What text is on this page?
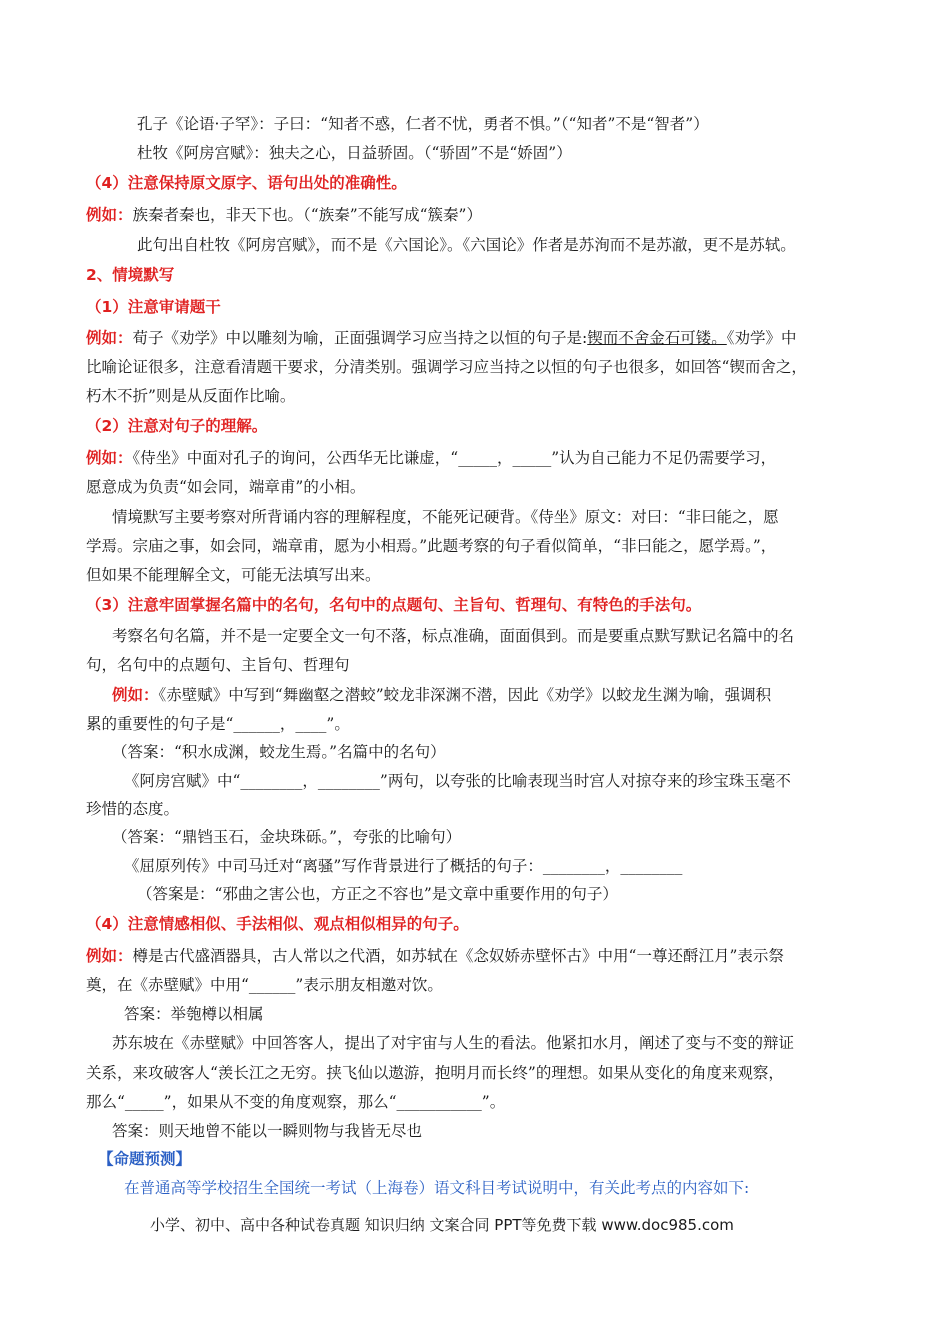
孔子《论语·子罕》：子曰：“知者不惑，仁者不忧，勇者不惧。”（“知者”不是“智者”）
杜牧《阿房宫赋》：独夫之心，日益骄固。（“骄固”不是“娇固”）
（4）注意保持原文原字、语句出处的准确性。
例如：族秦者秦也，非天下也。（“族秦”不能写成“簇秦”）
此句出自杜牧《阿房宫赋》，而不是《六国论》。《六国论》作者是苏洵而不是苏澈，更不是苏轼。
2、情境默写
（1）注意审请题干
例如：荀子《劝学》中以雕刻为喻，正面强调学习应当持之以恒的句子是:锲而不舍金石可镂。《劝学》中
比喻论证很多，注意看清题干要求，分清类别。强调学习应当持之以恒的句子也很多，如回答“锲而舍之，
朽木不折”则是从反面作比喻。
（2）注意对句子的理解。
例如：《侍坐》中面对孔子的询问，公西华无比谦虚，“_____，_____”认为自己能力不足仍需要学习，
愿意成为负责“如会同，端章甫”的小相。
情境默写主要考察对所背诵内容的理解程度，不能死记硬背。《侍坐》原文：对曰：“非曰能之，愿
学焉。宗庙之事，如会同，端章甫，愿为小相焉。”此题考察的句子看似简单，“非曰能之，愿学焉。”，
但如果不能理解全文，可能无法填写出来。
（3）注意牢固掌握名篇中的名句，名句中的点题句、主旨句、哲理句、有特色的手法句。
考察名句名篇，并不是一定要全文一句不落，标点准确，面面俱到。而是要重点默写默记名篇中的名
句，名句中的点题句、主旨句、哲理句
例如：《赤壁赋》中写到“舞幽壑之潜蛟”蛟龙非深渊不潜，因此《劝学》以蛟龙生渊为喻，强调积
累的重要性的句子是“______，____”。
（答案：“积水成渊，蛟龙生焉。”名篇中的名句）
《阿房宫赋》中“________，________”两句，以夸张的比喻表现当时宫人对掠夺来的珍宝珠玉毫不
珍惜的态度。
（答案：“鼎铛玉石，金块珠砾。”，夸张的比喻句）
《屈原列传》中司马迁对“离骚”写作背景进行了概括的句子：________，________
（答案是：“邪曲之害公也，方正之不容也”是文章中重要作用的句子）
（4）注意情感相似、手法相似、观点相似相异的句子。
例如：樽是古代盛酒器具，古人常以之代酒，如苏轼在《念奴娇赤壁怀古》中用“一尊还酹江月”表示祭
奠，在《赤壁赋》中用“______”表示朋友相邀对饮。
答案：举匏樽以相属
苏东坡在《赤壁赋》中回答客人，提出了对宇宙与人生的看法。他紧扣水月，阐述了变与不变的辩证
关系，来攻破客人“羡长江之无穷。挟飞仙以遨游，抱明月而长终”的理想。如果从变化的角度来观察，
那么“_____”，如果从不变的角度观察，那么“___________”。
答案：则天地曾不能以一瞬则物与我皆无尽也
【命题预测】
在普通高等学校招生全国统一考试（上海卷）语文科目考试说明中，有关此考点的内容如下:
小学、初中、高中各种试卷真题 知识归纳 文案合同 PPT等免费下载 www.doc985.com
